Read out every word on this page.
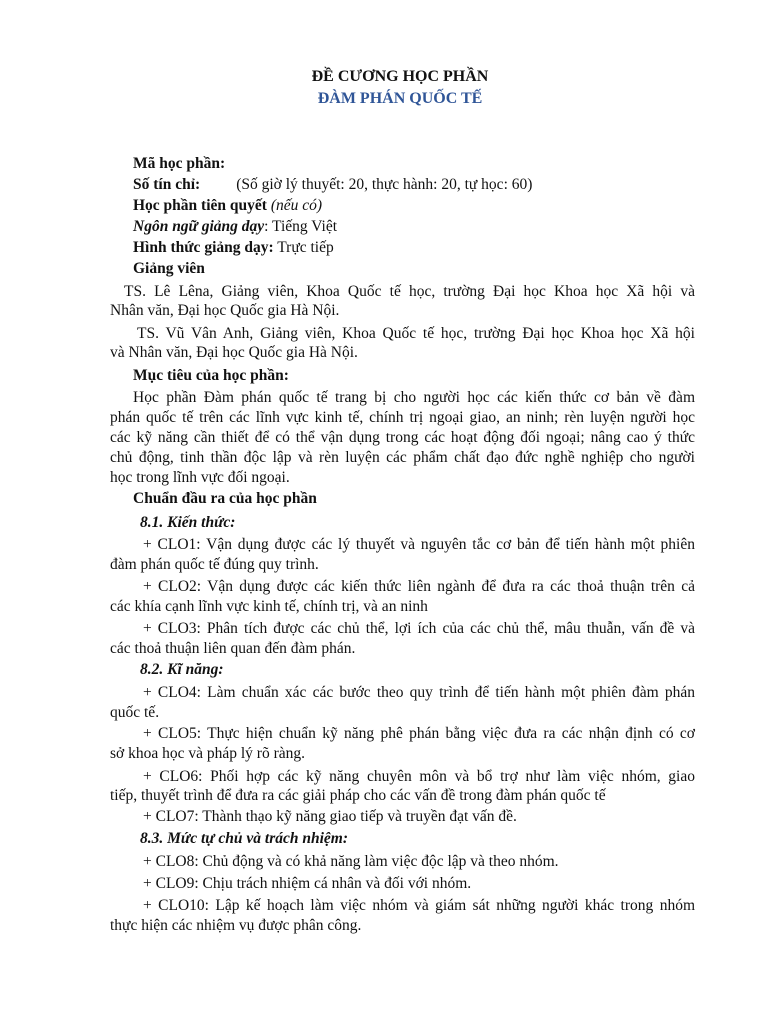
ĐỀ CƯƠNG HỌC PHẦN
ĐÀM PHÁN QUỐC TẾ
Mã học phần:
Số tín chỉ: (Số giờ lý thuyết: 20, thực hành: 20, tự học: 60)
Học phần tiên quyết (nếu có)
Ngôn ngữ giảng dạy: Tiếng Việt
Hình thức giảng dạy: Trực tiếp
Giảng viên
TS. Lê Lêna, Giảng viên, Khoa Quốc tế học, trường Đại học Khoa học Xã hội và
Nhân văn, Đại học Quốc gia Hà Nội.
TS. Vũ Vân Anh, Giảng viên, Khoa Quốc tế học, trường Đại học Khoa học Xã hội
và Nhân văn, Đại học Quốc gia Hà Nội.
Mục tiêu của học phần:
Học phần Đàm phán quốc tế trang bị cho người học các kiến thức cơ bản về đàm
phán quốc tế trên các lĩnh vực kinh tế, chính trị ngoại giao, an ninh; rèn luyện người học
các kỹ năng cần thiết để có thể vận dụng trong các hoạt động đối ngoại; nâng cao ý thức
chủ động, tinh thần độc lập và rèn luyện các phẩm chất đạo đức nghề nghiệp cho người
học trong lĩnh vực đối ngoại.
Chuẩn đầu ra của học phần
8.1. Kiến thức:
+ CLO1: Vận dụng được các lý thuyết và nguyên tắc cơ bản để tiến hành một phiên
đàm phán quốc tế đúng quy trình.
+ CLO2: Vận dụng được các kiến thức liên ngành để đưa ra các thoả thuận trên cả
các khía cạnh lĩnh vực kinh tế, chính trị, và an ninh
+ CLO3: Phân tích được các chủ thể, lợi ích của các chủ thể, mâu thuẫn, vấn đề và
các thoả thuận liên quan đến đàm phán.
8.2. Kĩ năng:
+ CLO4: Làm chuẩn xác các bước theo quy trình để tiến hành một phiên đàm phán
quốc tế.
+ CLO5: Thực hiện chuẩn kỹ năng phê phán bằng việc đưa ra các nhận định có cơ
sở khoa học và pháp lý rõ ràng.
+ CLO6: Phối hợp các kỹ năng chuyên môn và bổ trợ như làm việc nhóm, giao
tiếp, thuyết trình để đưa ra các giải pháp cho các vấn đề trong đàm phán quốc tế
+ CLO7: Thành thạo kỹ năng giao tiếp và truyền đạt vấn đề.
8.3. Mức tự chủ và trách nhiệm:
+ CLO8: Chủ động và có khả năng làm việc độc lập và theo nhóm.
+ CLO9: Chịu trách nhiệm cá nhân và đối với nhóm.
+ CLO10: Lập kế hoạch làm việc nhóm và giám sát những người khác trong nhóm
thực hiện các nhiệm vụ được phân công.
